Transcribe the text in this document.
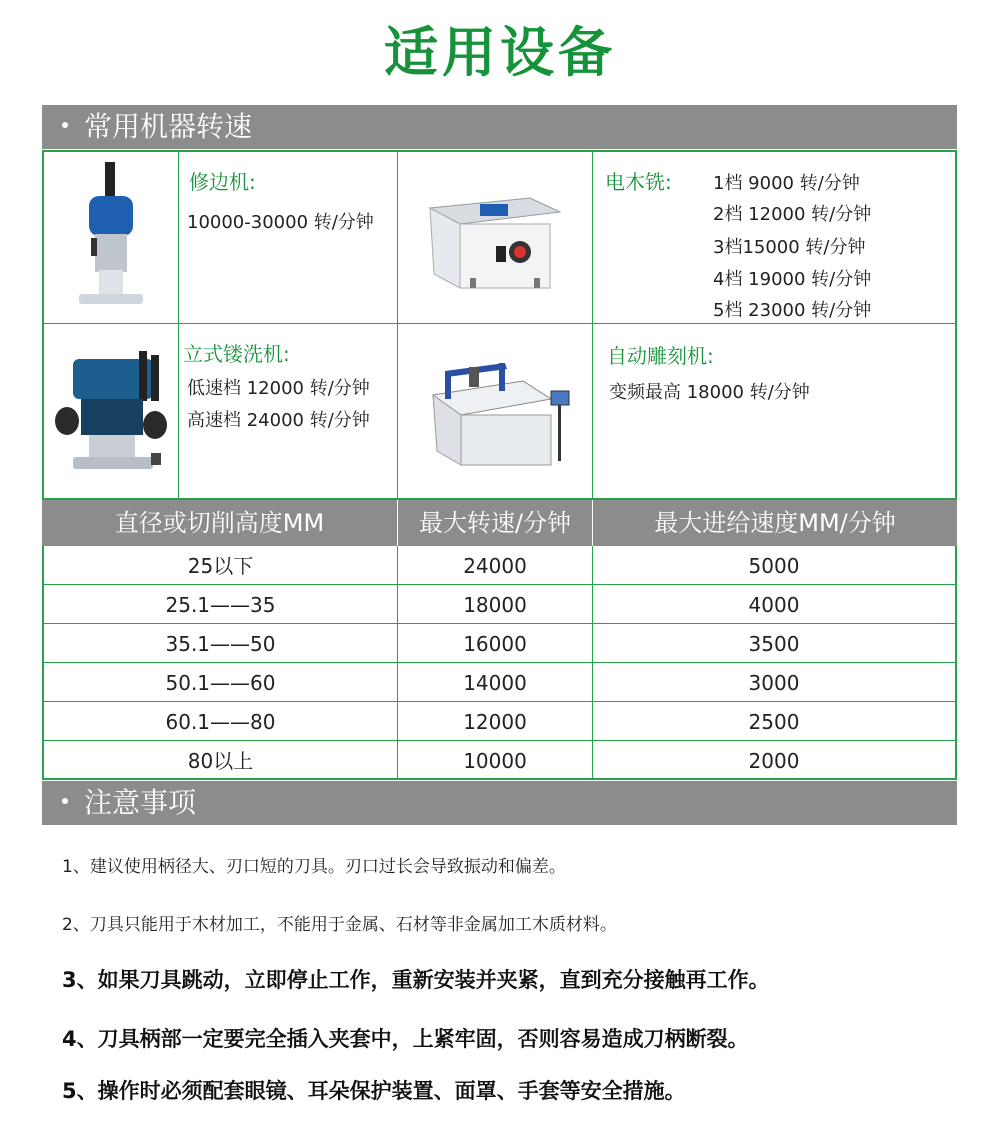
适用设备
常用机器转速
修边机:
10000-30000 转/分钟
电木铣: 1档 9000 转/分钟
2档 12000 转/分钟
3档15000 转/分钟
4档 19000 转/分钟
5档 23000 转/分钟
立式镂洗机:
低速档 12000 转/分钟
高速档 24000 转/分钟
自动雕刻机:
变频最高 18000 转/分钟
直径或切削高度MM	最大转速/分钟	最大进给速度MM/分钟
25以下	24000	5000
25.1——35	18000	4000
35.1——50	16000	3500
50.1——60	14000	3000
60.1——80	12000	2500
80以上	10000	2000
注意事项
1、建议使用柄径大、刃口短的刀具。刃口过长会导致振动和偏差。
2、刀具只能用于木材加工，不能用于金属、石材等非金属加工木质材料。
3、如果刀具跳动，立即停止工作，重新安装并夹紧，直到充分接触再工作。
4、刀具柄部一定要完全插入夹套中，上紧牢固，否则容易造成刀柄断裂。
5、操作时必须配套眼镜、耳朵保护装置、面罩、手套等安全措施。
